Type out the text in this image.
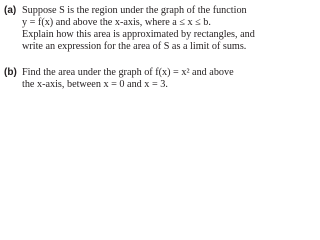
(a) Suppose S is the region under the graph of the function
y = f(x) and above the x-axis, where a ≤ x ≤ b.
Explain how this area is approximated by rectangles, and
write an expression for the area of S as a limit of sums.
(b) Find the area under the graph of f(x) = x² and above
the x-axis, between x = 0 and x = 3.
